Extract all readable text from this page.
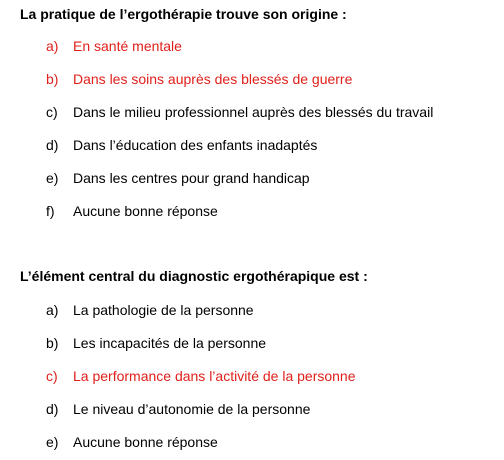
La pratique de l’ergothérapie trouve son origine :
a) En santé mentale
b) Dans les soins auprès des blessés de guerre
c) Dans le milieu professionnel auprès des blessés du travail
d) Dans l’éducation des enfants inadaptés
e) Dans les centres pour grand handicap
f) Aucune bonne réponse
L’élément central du diagnostic ergothérapique est :
a) La pathologie de la personne
b) Les incapacités de la personne
c) La performance dans l’activité de la personne
d) Le niveau d’autonomie de la personne
e) Aucune bonne réponse
